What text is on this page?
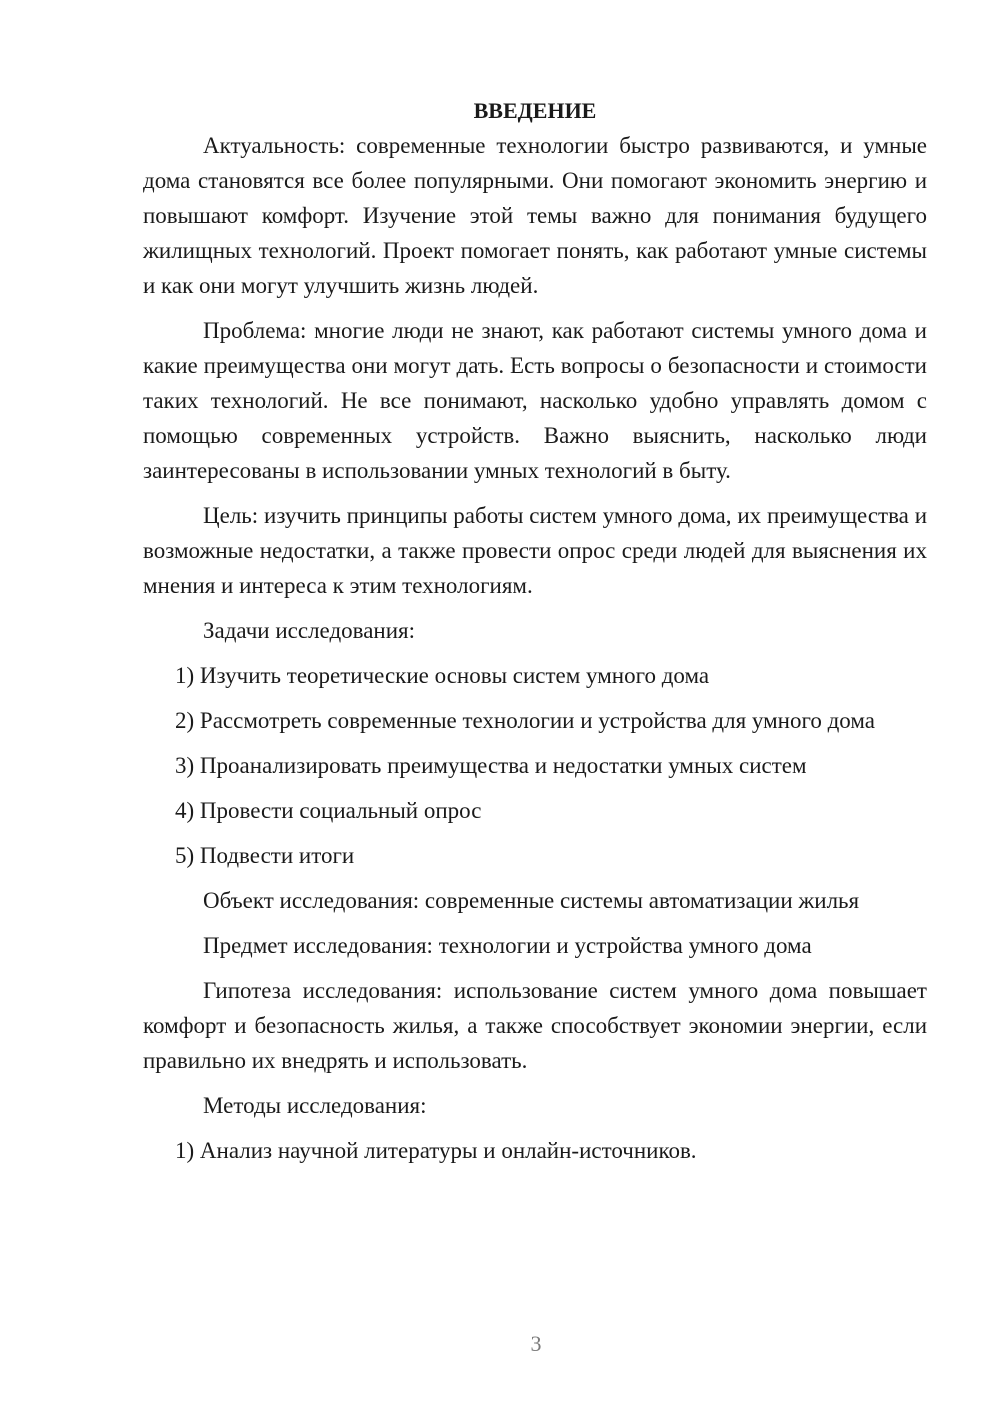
ВВЕДЕНИЕ

Актуальность: современные технологии быстро развиваются, и умные дома становятся все более популярными. Они помогают экономить энергию и повышают комфорт. Изучение этой темы важно для понимания будущего жилищных технологий. Проект помогает понять, как работают умные системы и как они могут улучшить жизнь людей.

Проблема: многие люди не знают, как работают системы умного дома и какие преимущества они могут дать. Есть вопросы о безопасности и стоимости таких технологий. Не все понимают, насколько удобно управлять домом с помощью современных устройств. Важно выяснить, насколько люди заинтересованы в использовании умных технологий в быту.

Цель: изучить принципы работы систем умного дома, их преимущества и возможные недостатки, а также провести опрос среди людей для выяснения их мнения и интереса к этим технологиям.

Задачи исследования:

1) Изучить теоретические основы систем умного дома

2) Рассмотреть современные технологии и устройства для умного дома

3) Проанализировать преимущества и недостатки умных систем

4) Провести социальный опрос

5) Подвести итоги

Объект исследования: современные системы автоматизации жилья

Предмет исследования: технологии и устройства умного дома

Гипотеза исследования: использование систем умного дома повышает комфорт и безопасность жилья, а также способствует экономии энергии, если правильно их внедрять и использовать.

Методы исследования:

1) Анализ научной литературы и онлайн-источников.

3
